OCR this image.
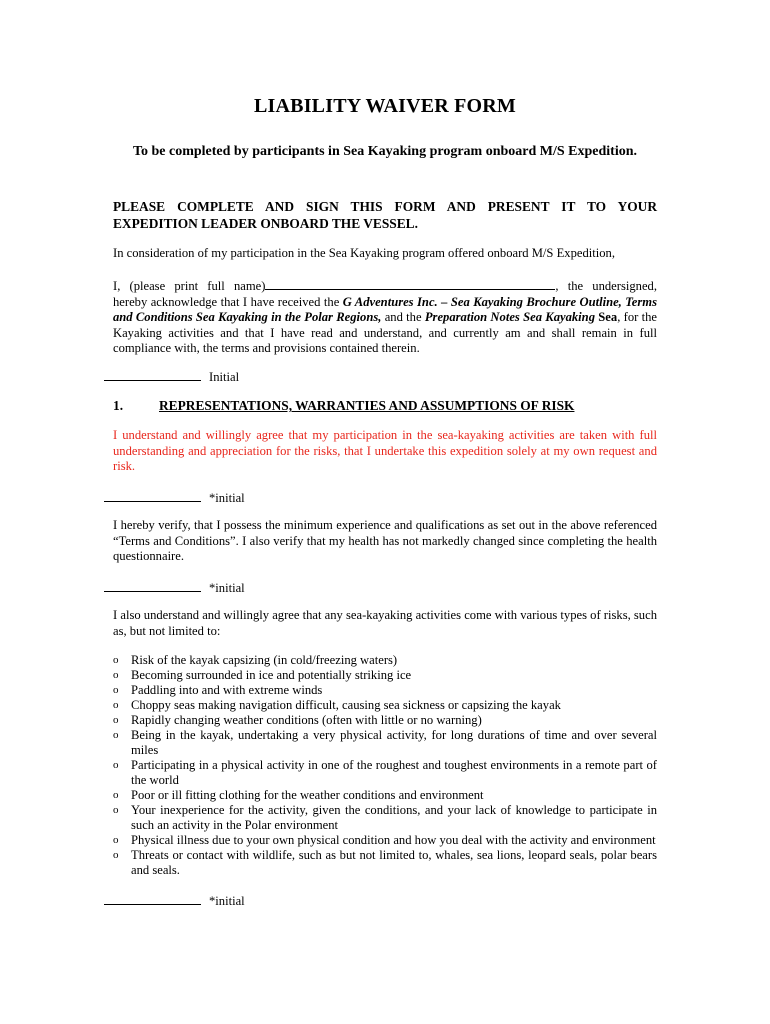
LIABILITY WAIVER FORM
To be completed by participants in Sea Kayaking program onboard M/S Expedition.
PLEASE COMPLETE AND SIGN THIS FORM AND PRESENT IT TO YOUR EXPEDITION LEADER ONBOARD THE VESSEL.
In consideration of my participation in the Sea Kayaking program offered onboard M/S Expedition,
I, (please print full name)	, the undersigned, hereby acknowledge that I have received the G Adventures Inc. – Sea Kayaking Brochure Outline, Terms and Conditions Sea Kayaking in the Polar Regions, and the Preparation Notes Sea Kayaking Sea, for the Kayaking activities and that I have read and understand, and currently am and shall remain in full compliance with, the terms and provisions contained therein.
Initial
1.	REPRESENTATIONS, WARRANTIES AND ASSUMPTIONS OF RISK
I understand and willingly agree that my participation in the sea-kayaking activities are taken with full understanding and appreciation for the risks, that I undertake this expedition solely at my own request and risk.
*initial
I hereby verify, that I possess the minimum experience and qualifications as set out in the above referenced “Terms and Conditions”. I also verify that my health has not markedly changed since completing the health questionnaire.
*initial
I also understand and willingly agree that any sea-kayaking activities come with various types of risks, such as, but not limited to:
o Risk of the kayak capsizing (in cold/freezing waters)
o Becoming surrounded in ice and potentially striking ice
o Paddling into and with extreme winds
o Choppy seas making navigation difficult, causing sea sickness or capsizing the kayak
o Rapidly changing weather conditions (often with little or no warning)
o Being in the kayak, undertaking a very physical activity, for long durations of time and over several miles
o Participating in a physical activity in one of the roughest and toughest environments in a remote part of the world
o Poor or ill fitting clothing for the weather conditions and environment
o Your inexperience for the activity, given the conditions, and your lack of knowledge to participate in such an activity in the Polar environment
o Physical illness due to your own physical condition and how you deal with the activity and environment
o Threats or contact with wildlife, such as but not limited to, whales, sea lions, leopard seals, polar bears and seals.
*initial
